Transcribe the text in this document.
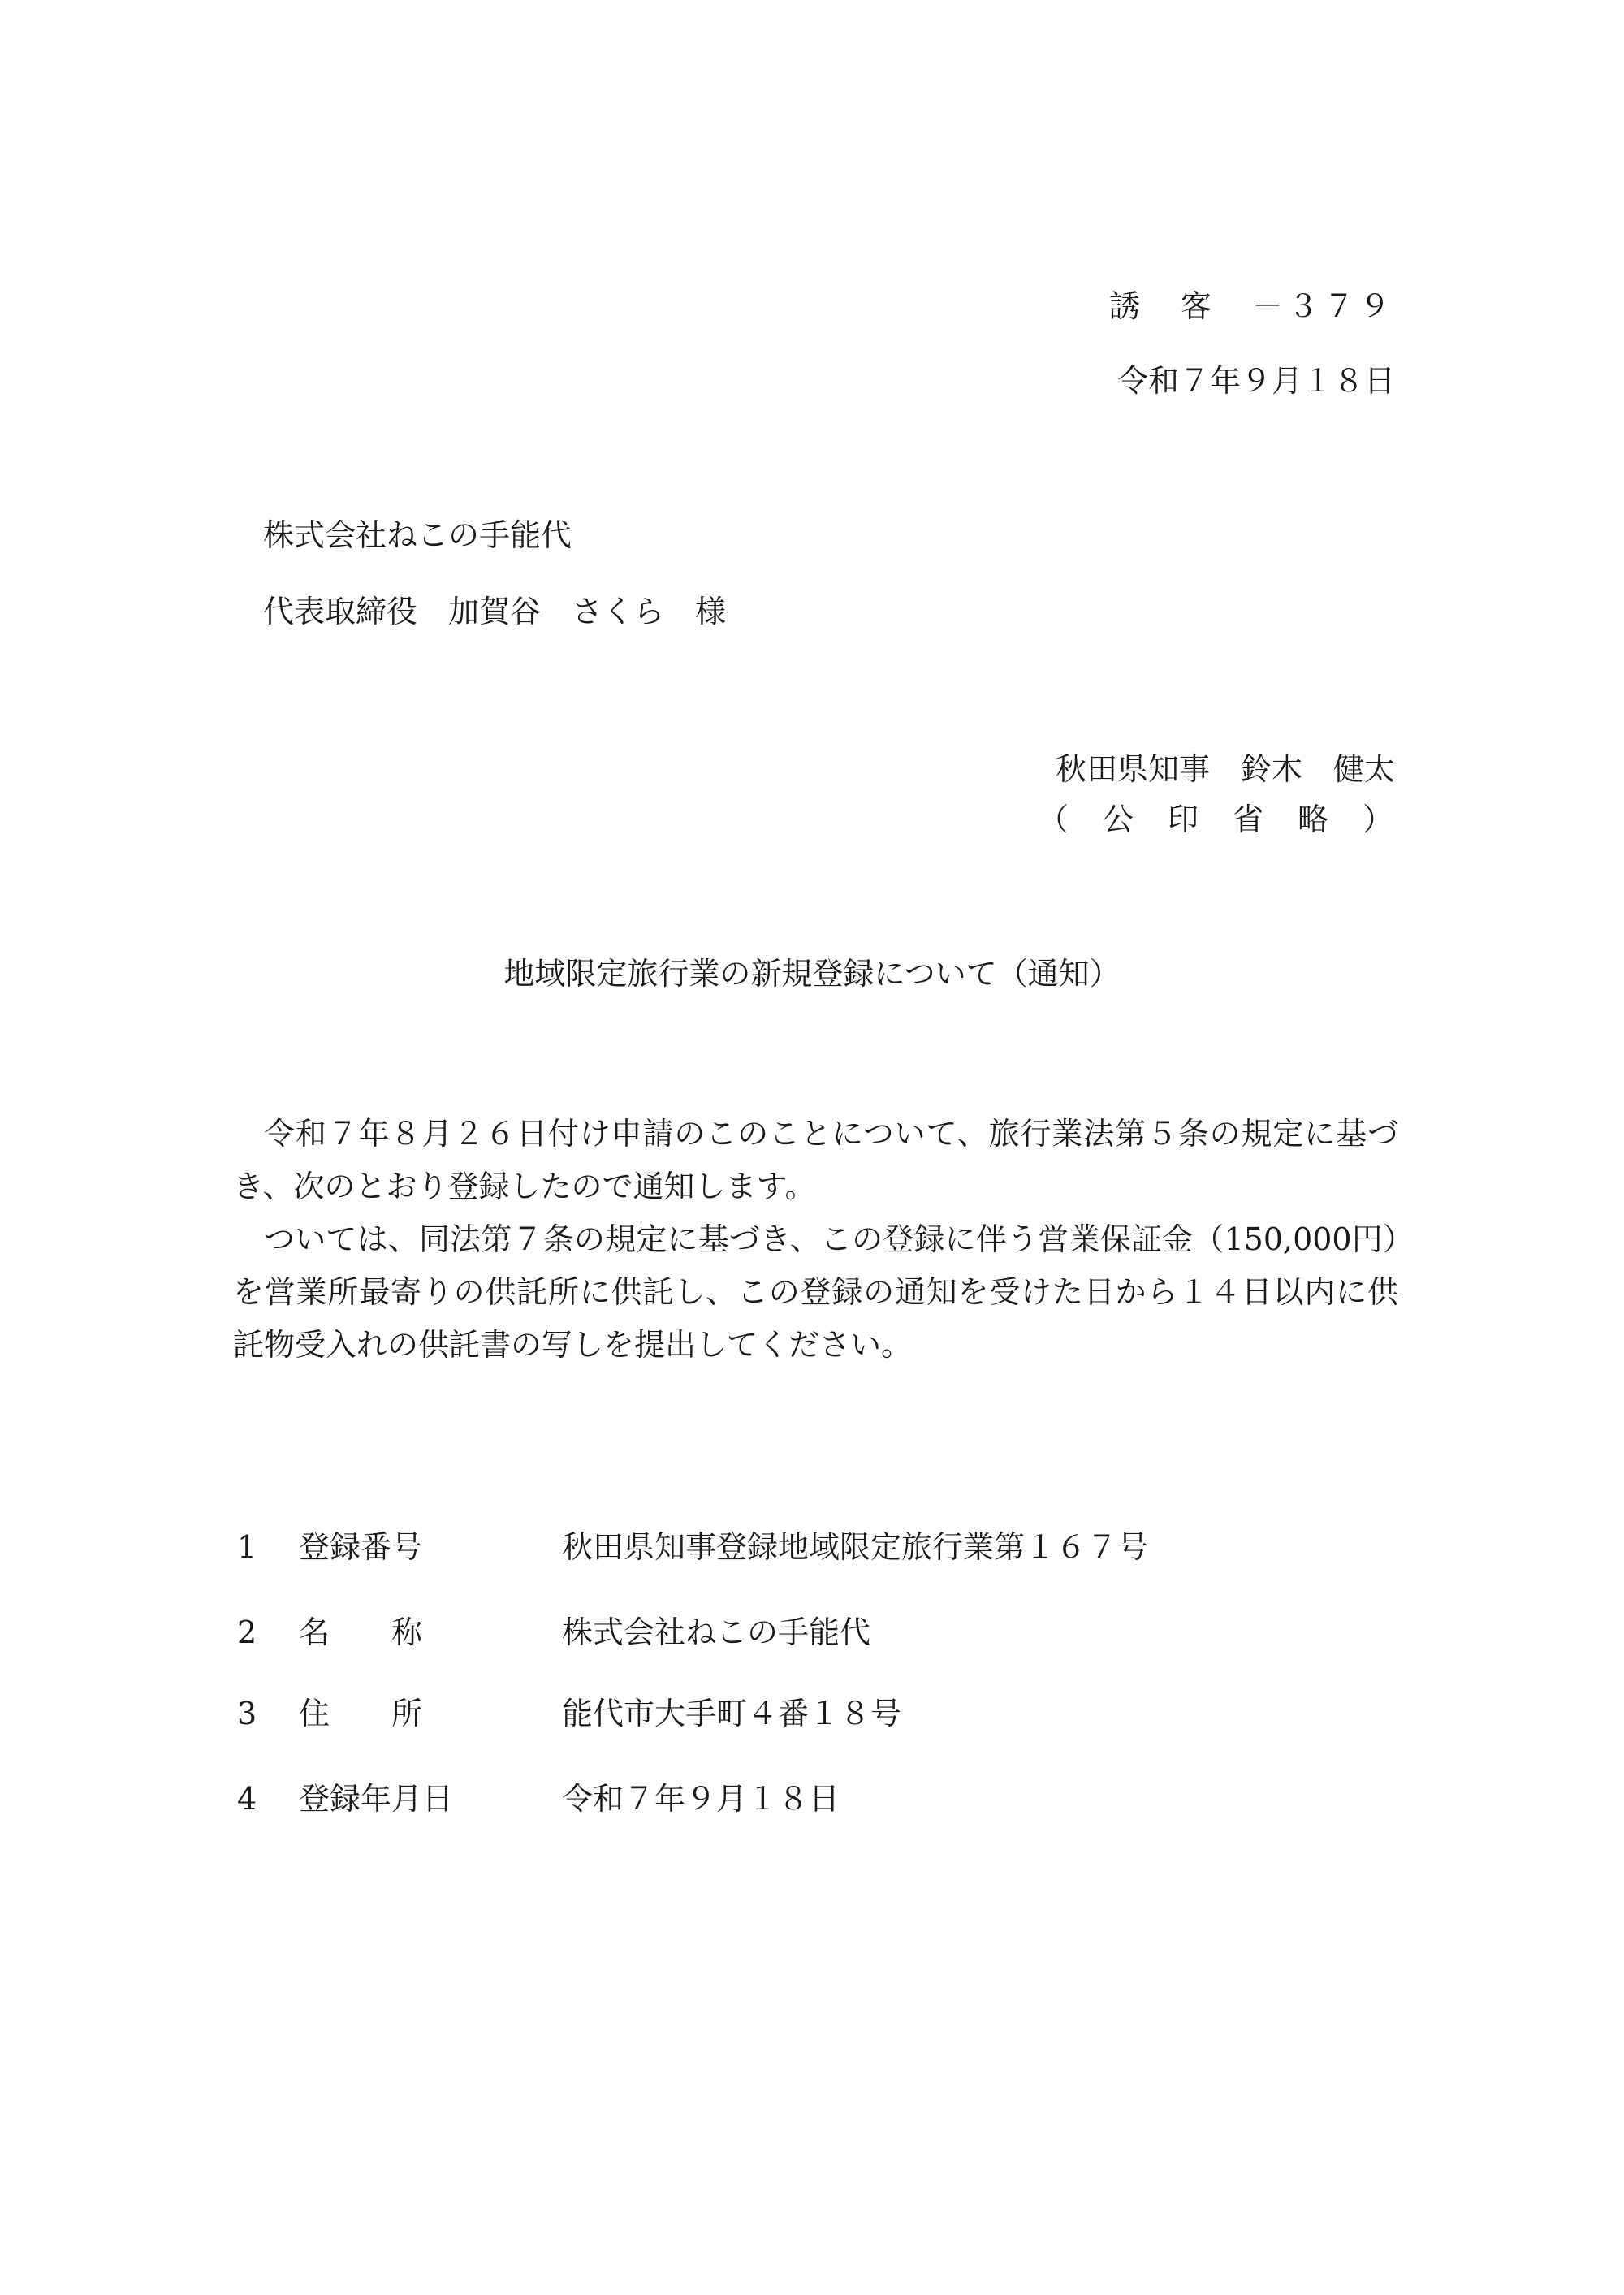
誘　客　－３７９
令和７年９月１８日
株式会社ねこの手能代
代表取締役　加賀谷　さくら　様
秋田県知事　鈴木　健太
（　公　印　省　略　）
地域限定旅行業の新規登録について（通知）

令和７年８月２６日付け申請のこのことについて、旅行業法第５条の規定に基づき、次のとおり登録したので通知します。

ついては、同法第７条の規定に基づき、この登録に伴う営業保証金（150,000円）を営業所最寄りの供託所に供託し、この登録の通知を受けた日から１４日以内に供託物受入れの供託書の写しを提出してください。

1 登録番号	秋田県知事登録地域限定旅行業第１６７号
2 名　　称	株式会社ねこの手能代
3 住　　所	能代市大手町４番１８号
4 登録年月日	令和７年９月１８日
